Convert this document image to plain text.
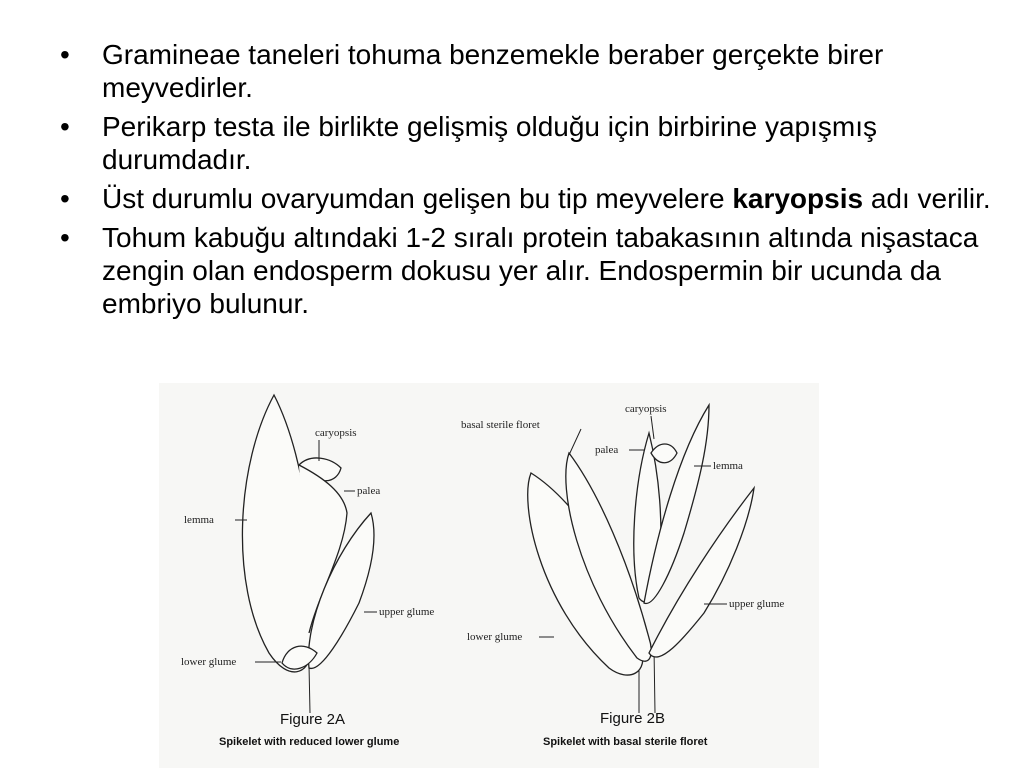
•	Gramineae taneleri tohuma benzemekle beraber gerçekte birer meyvedirler.
•	Perikarp testa ile birlikte gelişmiş olduğu için birbirine yapışmış durumdadır.
•	Üst durumlu ovaryumdan gelişen bu tip meyvelere karyopsis adı verilir.
•	Tohum kabuğu altındaki 1-2 sıralı protein tabakasının altında nişastaca zengin olan endosperm dokusu yer alır. Endospermin bir ucunda da embriyo bulunur.
caryopsis
palea
lemma
upper glume
lower glume
caryopsis
basal sterile floret
palea
lemma
upper glume
lower glume
Figure 2A
Spikelet with reduced lower glume
Figure 2B
Spikelet with basal sterile floret
